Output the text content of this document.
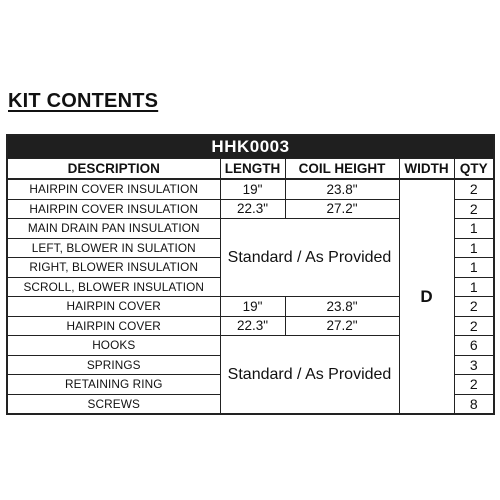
KIT CONTENTS
HHK0003				
DESCRIPTION	LENGTH	COIL HEIGHT	WIDTH	QTY
HAIRPIN COVER INSULATION	19"	23.8"	D	2
HAIRPIN COVER INSULATION	22.3"	27.2"		2
MAIN DRAIN PAN INSULATION	Standard / As Provided			1
LEFT, BLOWER IN SULATION				1
RIGHT, BLOWER INSULATION				1
SCROLL, BLOWER INSULATION				1
HAIRPIN COVER	19"	23.8"		2
HAIRPIN COVER	22.3"	27.2"		2
HOOKS	Standard / As Provided			6
SPRINGS				3
RETAINING RING				2
SCREWS				8
